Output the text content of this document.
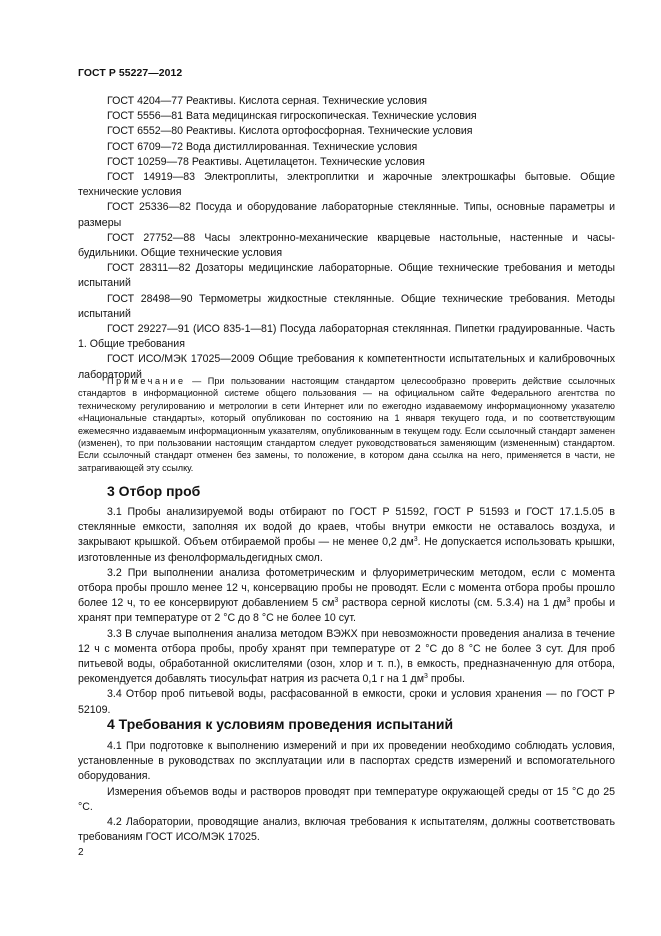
ГОСТ Р 55227—2012

ГОСТ 4204—77 Реактивы. Кислота серная. Технические условия

ГОСТ 5556—81 Вата медицинская гигроскопическая. Технические условия

ГОСТ 6552—80 Реактивы. Кислота ортофосфорная. Технические условия

ГОСТ 6709—72 Вода дистиллированная. Технические условия

ГОСТ 10259—78 Реактивы. Ацетилацетон. Технические условия

ГОСТ 14919—83 Электроплиты, электроплитки и жарочные электрошкафы бытовые. Общие технические условия

ГОСТ 25336—82 Посуда и оборудование лабораторные стеклянные. Типы, основные параметры и размеры

ГОСТ 27752—88 Часы электронно-механические кварцевые настольные, настенные и часы-будильники. Общие технические условия

ГОСТ 28311—82 Дозаторы медицинские лабораторные. Общие технические требования и методы испытаний

ГОСТ 28498—90 Термометры жидкостные стеклянные. Общие технические требования. Методы испытаний

ГОСТ 29227—91 (ИСО 835-1—81) Посуда лабораторная стеклянная. Пипетки градуированные. Часть 1. Общие требования

ГОСТ ИСО/МЭК 17025—2009 Общие требования к компетентности испытательных и калибровочных лабораторий

Примечание — При пользовании настоящим стандартом целесообразно проверить действие ссылочных стандартов в информационной системе общего пользования — на официальном сайте Федерального агентства по техническому регулированию и метрологии в сети Интернет или по ежегодно издаваемому информационному указателю «Национальные стандарты», который опубликован по состоянию на 1 января текущего года, и по соответствующим ежемесячно издаваемым информационным указателям, опубликованным в текущем году. Если ссылочный стандарт заменен (изменен), то при пользовании настоящим стандартом следует руководствоваться заменяющим (измененным) стандартом. Если ссылочный стандарт отменен без замены, то положение, в котором дана ссылка на него, применяется в части, не затрагивающей эту ссылку.

3 Отбор проб

3.1 Пробы анализируемой воды отбирают по ГОСТ Р 51592, ГОСТ Р 51593 и ГОСТ 17.1.5.05 в стеклянные емкости, заполняя их водой до краев, чтобы внутри емкости не оставалось воздуха, и закрывают крышкой. Объем отбираемой пробы — не менее 0,2 $дм^3$. Не допускается использовать крышки, изготовленные из фенолформальдегидных смол.

3.2 При выполнении анализа фотометрическим и флуориметрическим методом, если с момента отбора пробы прошло менее 12 ч, консервацию пробы не проводят. Если с момента отбора пробы прошло более 12 ч, то ее консервируют добавлением 5 $см^3$ раствора серной кислоты (см. 5.3.4) на 1 $дм^3$ пробы и хранят при температуре от 2 °С до 8 °С не более 10 сут.

3.3 В случае выполнения анализа методом ВЭЖХ при невозможности проведения анализа в течение 12 ч с момента отбора пробы, пробу хранят при температуре от 2 °С до 8 °С не более 3 сут. Для проб питьевой воды, обработанной окислителями (озон, хлор и т. п.), в емкость, предназначенную для отбора, рекомендуется добавлять тиосульфат натрия из расчета 0,1 г на 1 $дм^3$ пробы.

3.4 Отбор проб питьевой воды, расфасованной в емкости, сроки и условия хранения — по ГОСТ Р 52109.

4 Требования к условиям проведения испытаний

4.1 При подготовке к выполнению измерений и при их проведении необходимо соблюдать условия, установленные в руководствах по эксплуатации или в паспортах средств измерений и вспомогательного оборудования.

Измерения объемов воды и растворов проводят при температуре окружающей среды от 15 °С до 25 °С.

4.2 Лаборатории, проводящие анализ, включая требования к испытателям, должны соответствовать требованиям ГОСТ ИСО/МЭК 17025.

2
